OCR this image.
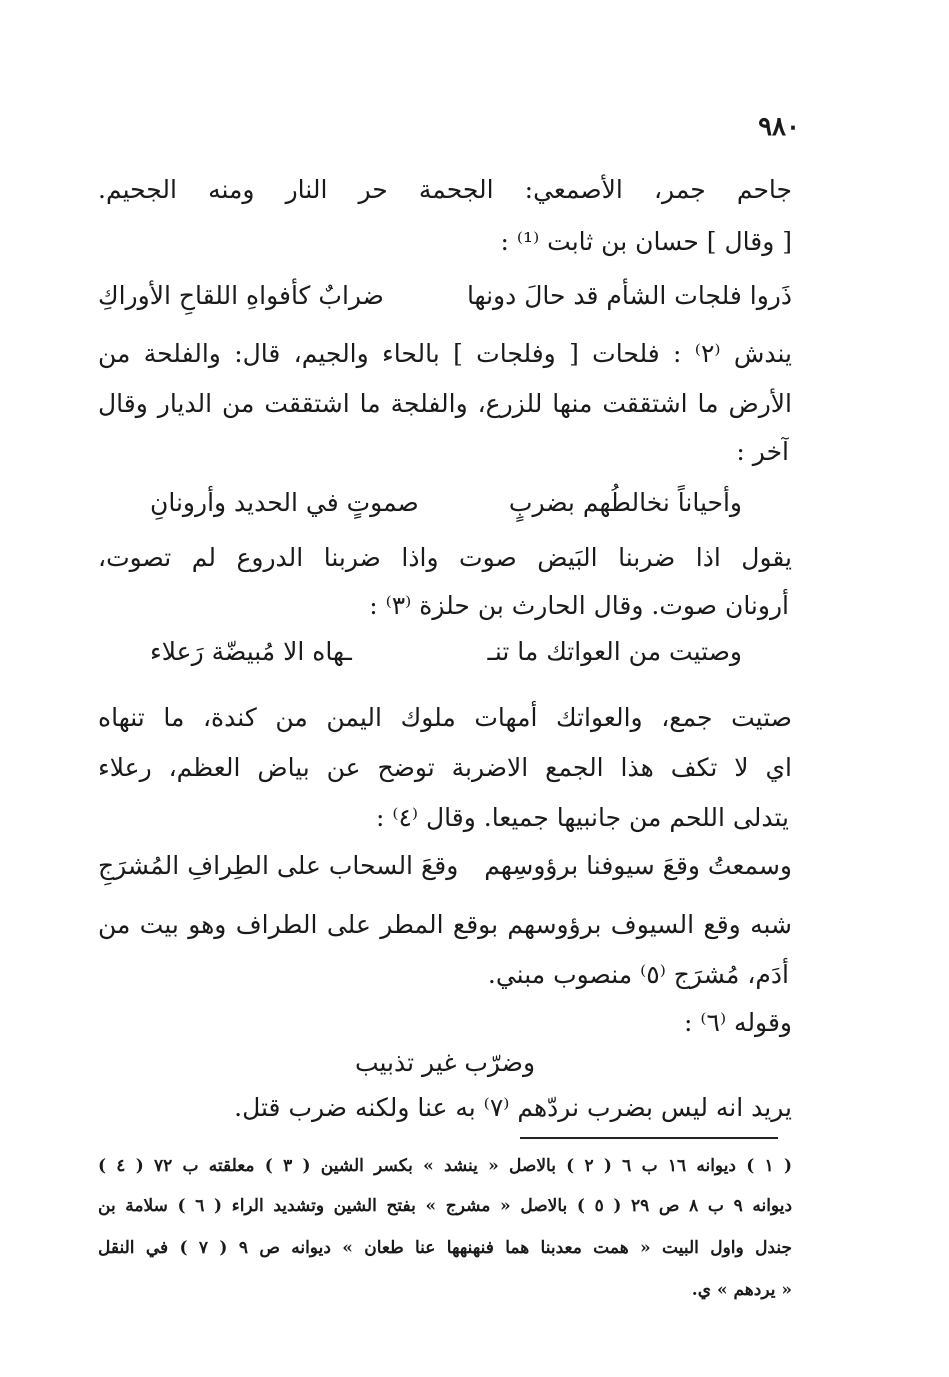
٩٨٠
جاحم جمر، الأصمعي: الجحمة حر النار ومنه الجحيم.
[ وقال ] حسان بن ثابت ⁽¹⁾ :
ذَروا فلجات الشأم قد حالَ دونها
ضرابٌ كأفواهِ اللقاحِ الأوراكِ
يندش ⁽٢⁾ : فلحات [ وفلجات ] بالحاء والجيم، قال: والفلحة من
الأرض ما اشتققت منها للزرع، والفلجة ما اشتققت من الديار وقال
آخر :
وأحياناً نخالطُهم بضربٍ
صموتٍ في الحديد وأرونانِ
يقول اذا ضربنا البَيض صوت واذا ضربنا الدروع لم تصوت،
أرونان صوت. وقال الحارث بن حلزة ⁽٣⁾ :
وصتيت من العواتك ما تنـ
ـهاه الا مُبيضّة رَعلاء
صتيت جمع، والعواتك أمهات ملوك اليمن من كندة، ما تنهاه
اي لا تكف هذا الجمع الاضربة توضح عن بياض العظم، رعلاء
يتدلى اللحم من جانبيها جميعا. وقال ⁽٤⁾ :
وسمعتُ وقعَ سيوفنا برؤوسِهم
وقعَ السحاب على الطِرافِ المُشرَجِ
شبه وقع السيوف برؤوسهم بوقع المطر على الطراف وهو بيت من
أدَم، مُشرَج ⁽٥⁾ منصوب مبني.
وقوله ⁽٦⁾ :
وضرّب غير تذبيب
يريد انه ليس بضرب نردّهم ⁽٧⁾ به عنا ولكنه ضرب قتل.
( ١ ) ديوانه ١٦ ب ٦ ( ٢ ) بالاصل « ينشد » بكسر الشين ( ٣ ) معلقته ب ٧٢ ( ٤ )
ديوانه ٩ ب ٨ ص ٢٩ ( ٥ ) بالاصل « مشرج » بفتح الشين وتشديد الراء ( ٦ ) سلامة بن
جندل واول البيت « همت معدبنا هما فنهنهها عنا طعان » ديوانه ص ٩ ( ٧ ) في النقل
« يردهم » ي.
